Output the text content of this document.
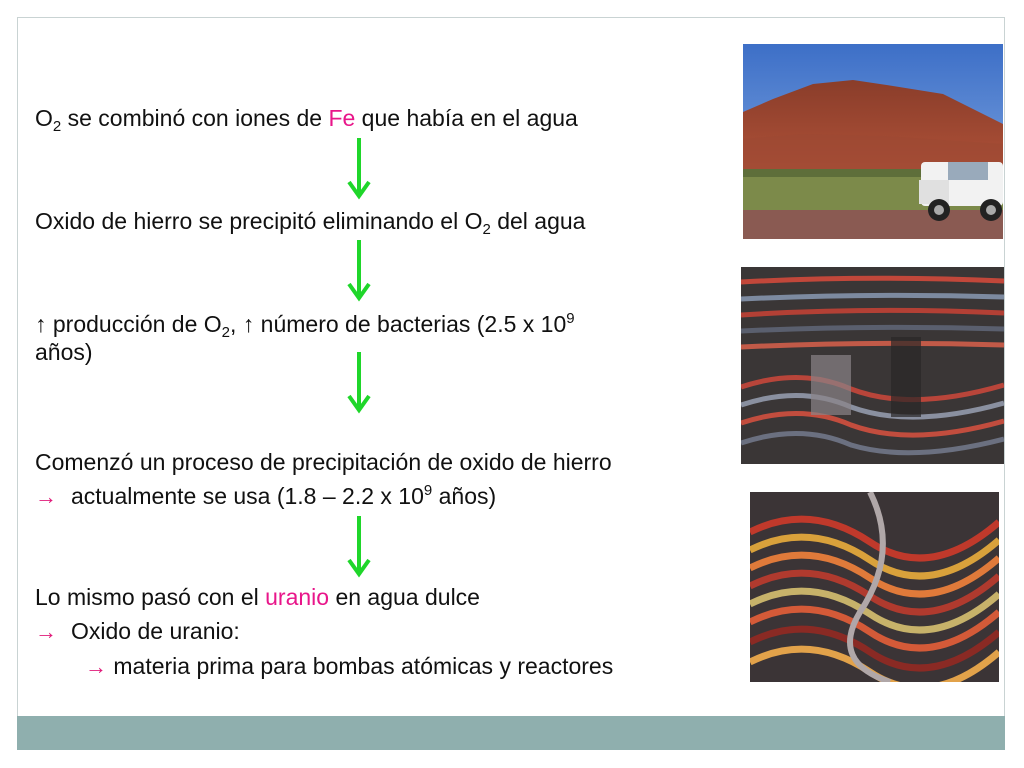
$O_2$ se combinó con iones de Fe que había en el agua
Oxido de hierro se precipitó eliminando el $O_2$ del agua
↑ producción de $O_2$, ↑ número de bacterias (2.5 x $10^9$
años)
Comenzó un proceso de precipitación de oxido de hierro
→ actualmente se usa (1.8 – 2.2 x $10^9$ años)
Lo mismo pasó con el uranio en agua dulce
→ Oxido de uranio:
→ materia prima para bombas atómicas y reactores
